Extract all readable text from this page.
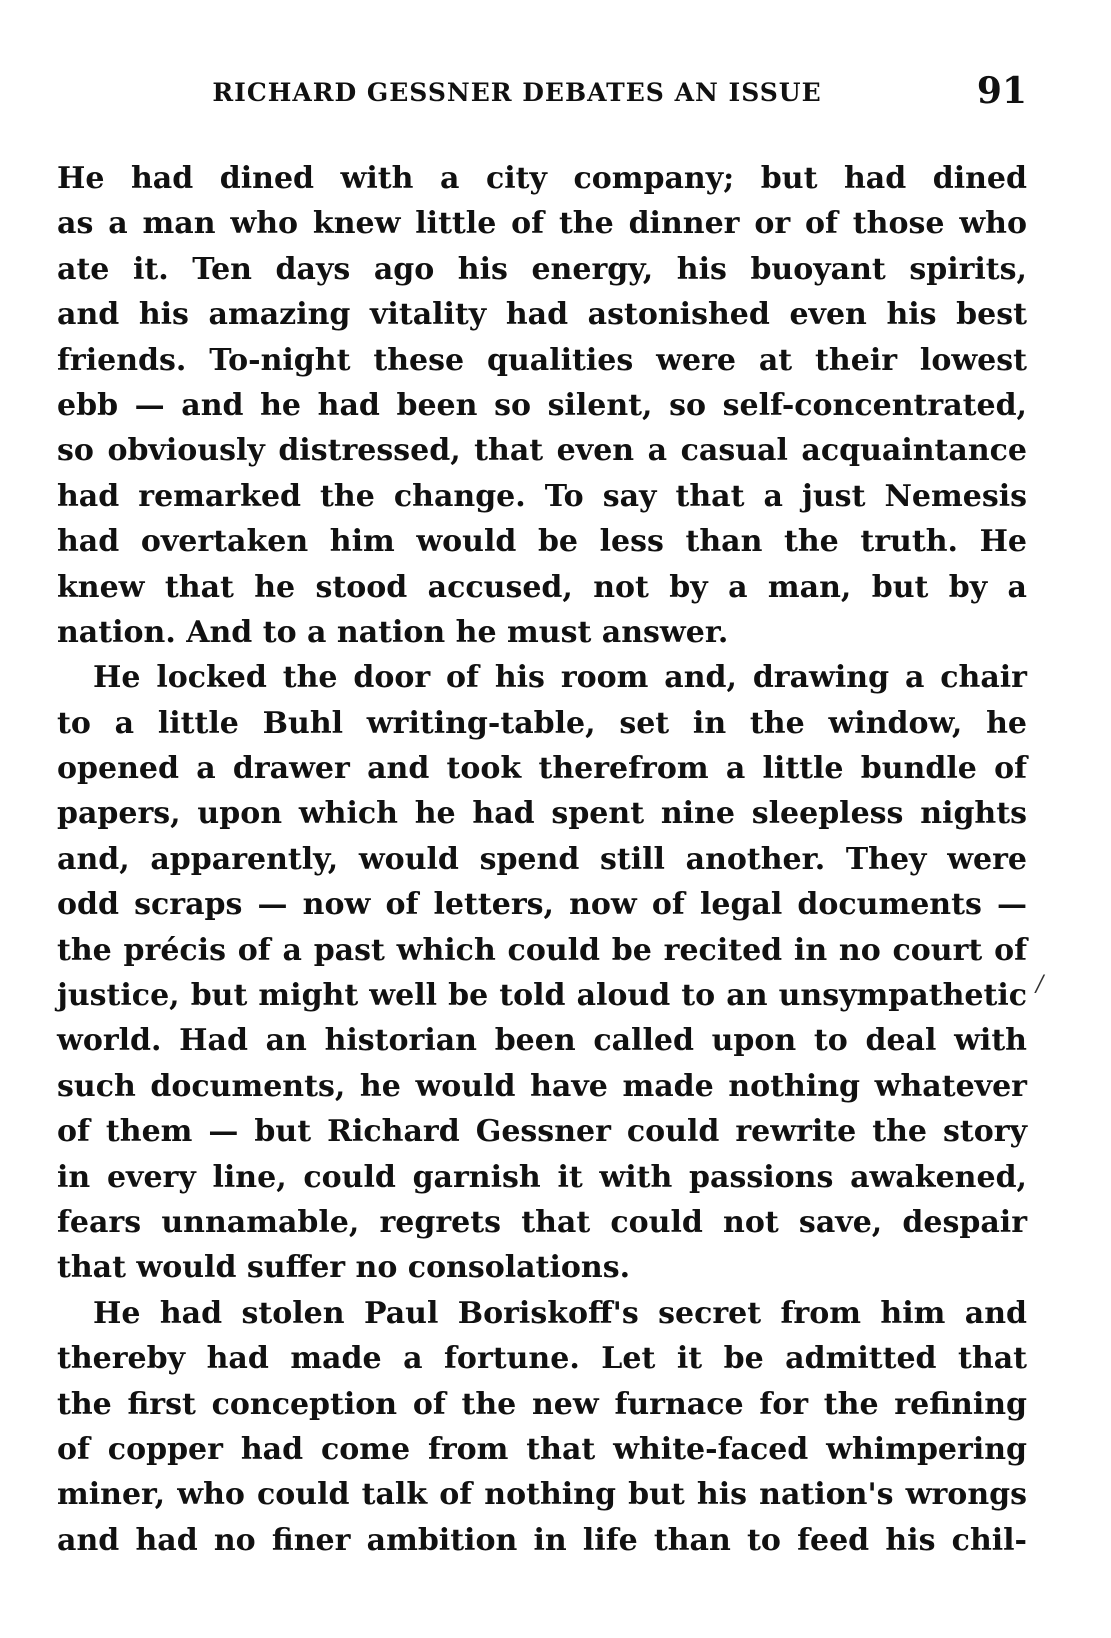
RICHARD GESSNER DEBATES AN ISSUE	91
He had dined with a city company; but had dined
as a man who knew little of the dinner or of those who
ate it. Ten days ago his energy, his buoyant spirits,
and his amazing vitality had astonished even his best
friends. To-night these qualities were at their lowest
ebb — and he had been so silent, so self-concentrated,
so obviously distressed, that even a casual acquaintance
had remarked the change. To say that a just Nemesis
had overtaken him would be less than the truth. He
knew that he stood accused, not by a man, but by a
nation. And to a nation he must answer.
He locked the door of his room and, drawing a chair
to a little Buhl writing-table, set in the window, he
opened a drawer and took therefrom a little bundle of
papers, upon which he had spent nine sleepless nights
and, apparently, would spend still another. They were
odd scraps — now of letters, now of legal documents —
the précis of a past which could be recited in no court of
justice, but might well be told aloud to an unsympathetic
world. Had an historian been called upon to deal with
such documents, he would have made nothing whatever
of them — but Richard Gessner could rewrite the story
in every line, could garnish it with passions awakened,
fears unnamable, regrets that could not save, despair
that would suffer no consolations.
He had stolen Paul Boriskoff's secret from him and
thereby had made a fortune. Let it be admitted that
the first conception of the new furnace for the refining
of copper had come from that white-faced whimpering
miner, who could talk of nothing but his nation's wrongs
and had no finer ambition in life than to feed his chil-
/
